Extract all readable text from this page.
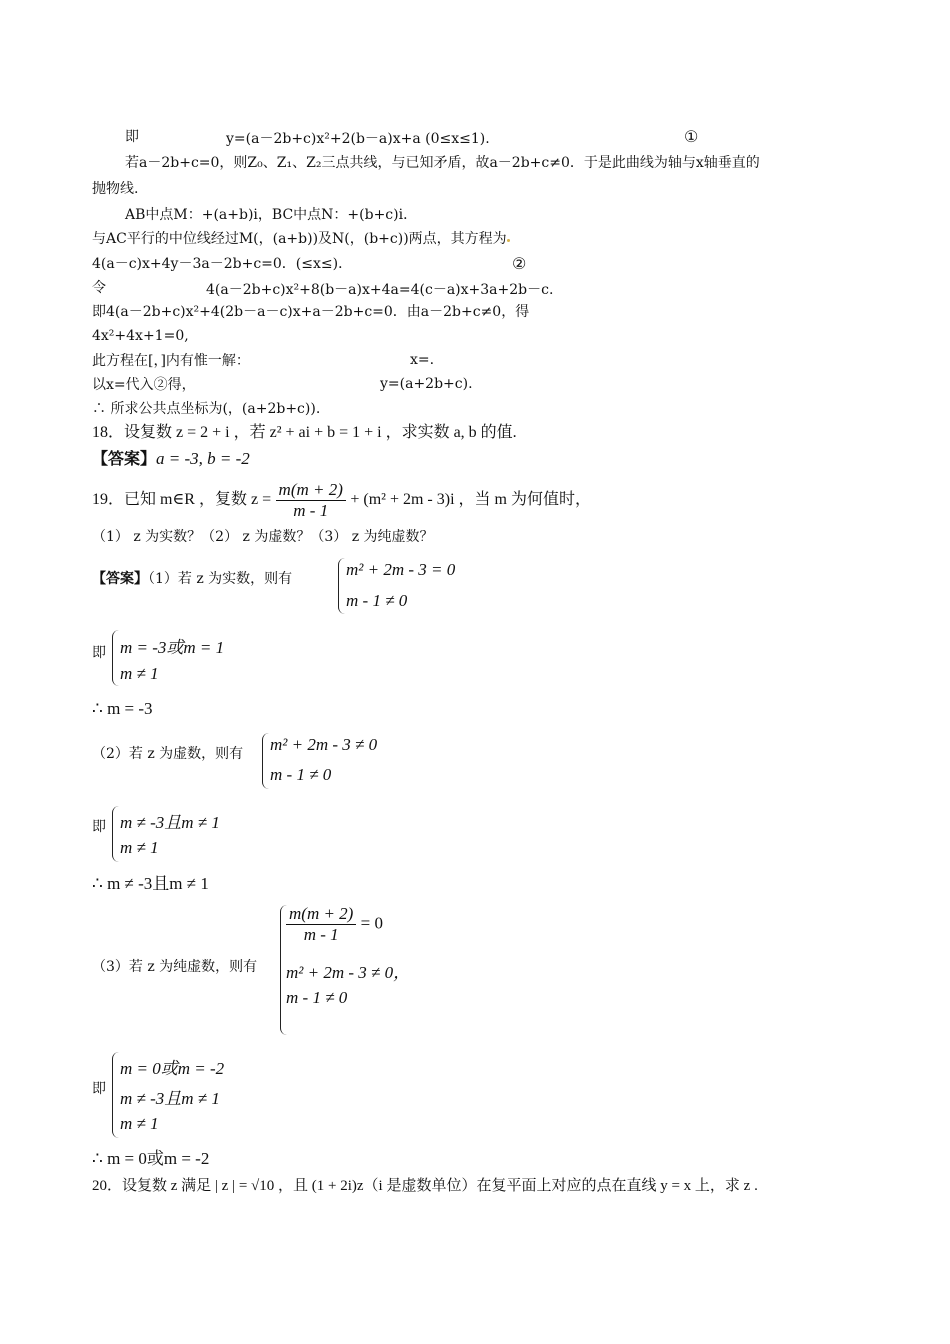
即	y=(a－2b+c)x²+2(b－a)x+a (0≤x≤1).	①
若a－2b+c=0，则Z₀、Z₁、Z₂三点共线，与已知矛盾，故a－2b+c≠0．于是此曲线为轴与x轴垂直的
抛物线.
AB中点M：+(a+b)i，BC中点N：+(b+c)i．
与AC平行的中位线经过M(，(a+b))及N(，(b+c))两点，其方程为
4(a－c)x+4y－3a－2b+c=0．(≤x≤)．	②
令	4(a－2b+c)x²+8(b－a)x+4a=4(c－a)x+3a+2b－c.
即4(a－2b+c)x²+4(2b－a－c)x+a－2b+c=0．由a－2b+c≠0，得
4x²+4x+1=0,
此方程在[，]内有惟一解：	x=.
以x=代入②得，	y=(a+2b+c).
∴ 所求公共点坐标为(，(a+2b+c)).
18．设复数 z = 2 + i ，若 z² + ai + b = 1 + i ，求实数 a, b 的值.
【答案】a = -3, b = -2
19．已知 m∈R ，复数 $z = \frac{m(m + 2)}{m - 1} + (m^2 + 2m - 3)i$ ，当 m 为何值时，
（1） z 为实数？（2） z 为虚数？（3） z 为纯虚数？
【答案】（1）若 z 为实数，则有	m² + 2m - 3 = 0
m - 1 ≠ 0
即 m = -3或m = 1
m ≠ 1
∴ m = -3
（2）若 z 为虚数，则有 m² + 2m - 3 ≠ 0
m - 1 ≠ 0
即 m ≠ -3且m ≠ 1
m ≠ 1
∴ m ≠ -3且m ≠ 1
（3）若 z 为纯虚数，则有
$\frac{m(m + 2)}{m - 1} = 0$
m² + 2m - 3 ≠ 0，
m - 1 ≠ 0
即
m = 0或m = -2
m ≠ -3且m ≠ 1
m ≠ 1
∴ m = 0或m = -2
20．设复数 z 满足 | z | = √10 ，且 (1 + 2i)z（i 是虚数单位）在复平面上对应的点在直线 y = x 上，求 z .
